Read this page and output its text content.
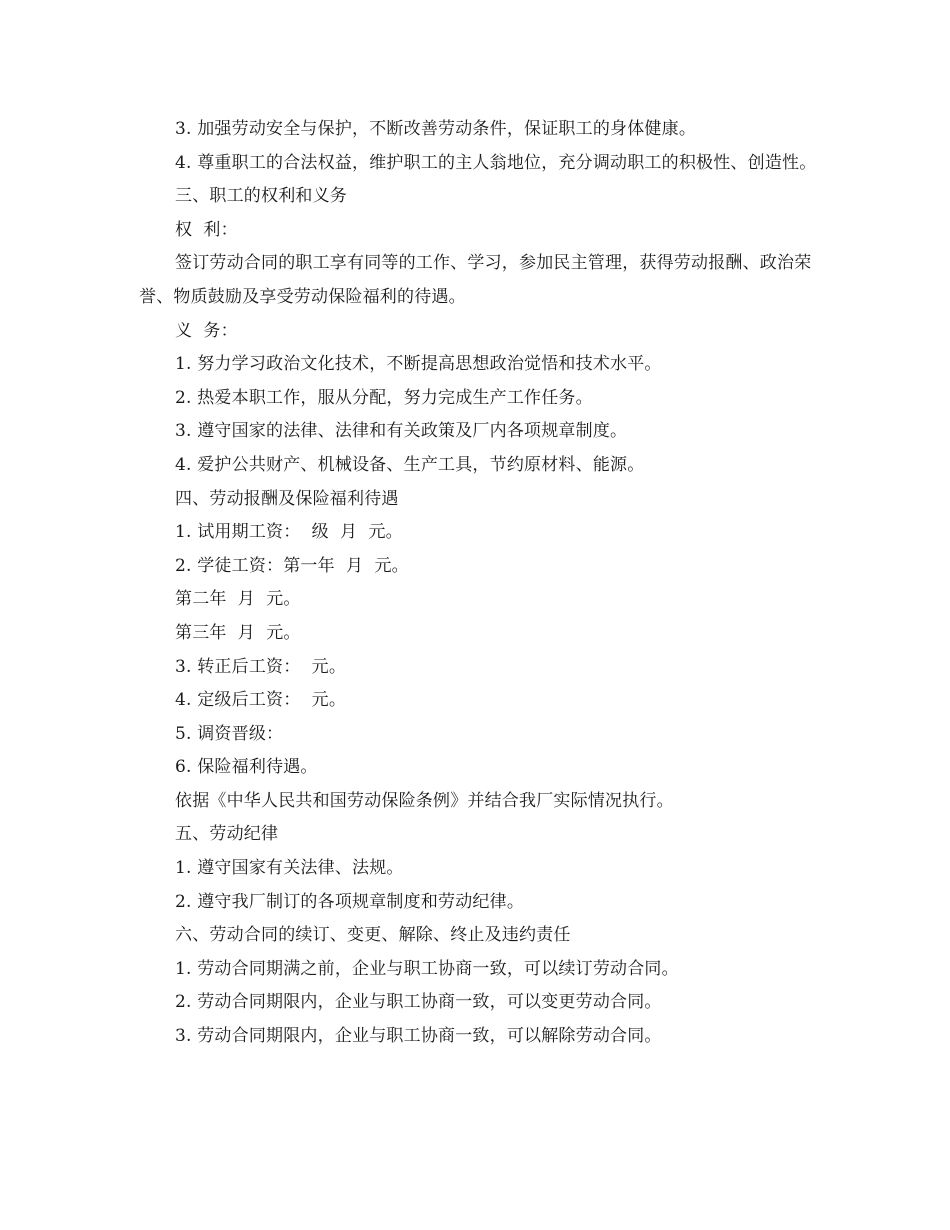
3. 加强劳动安全与保护，不断改善劳动条件，保证职工的身体健康。

4. 尊重职工的合法权益，维护职工的主人翁地位，充分调动职工的积极性、创造性。

三、职工的权利和义务

权  利：

签订劳动合同的职工享有同等的工作、学习，参加民主管理，获得劳动报酬、政治荣誉、物质鼓励及享受劳动保险福利的待遇。

义  务：

1. 努力学习政治文化技术，不断提高思想政治觉悟和技术水平。

2. 热爱本职工作，服从分配，努力完成生产工作任务。

3. 遵守国家的法律、法律和有关政策及厂内各项规章制度。

4. 爱护公共财产、机械设备、生产工具，节约原材料、能源。

四、劳动报酬及保险福利待遇

1. 试用期工资：  级  月  元。

2. 学徒工资：第一年  月  元。

第二年  月  元。

第三年  月  元。

3. 转正后工资：  元。

4. 定级后工资：  元。

5. 调资晋级：

6. 保险福利待遇。

依据《中华人民共和国劳动保险条例》并结合我厂实际情况执行。

五、劳动纪律

1. 遵守国家有关法律、法规。

2. 遵守我厂制订的各项规章制度和劳动纪律。

六、劳动合同的续订、变更、解除、终止及违约责任

1. 劳动合同期满之前，企业与职工协商一致，可以续订劳动合同。

2. 劳动合同期限内，企业与职工协商一致，可以变更劳动合同。

3. 劳动合同期限内，企业与职工协商一致，可以解除劳动合同。
